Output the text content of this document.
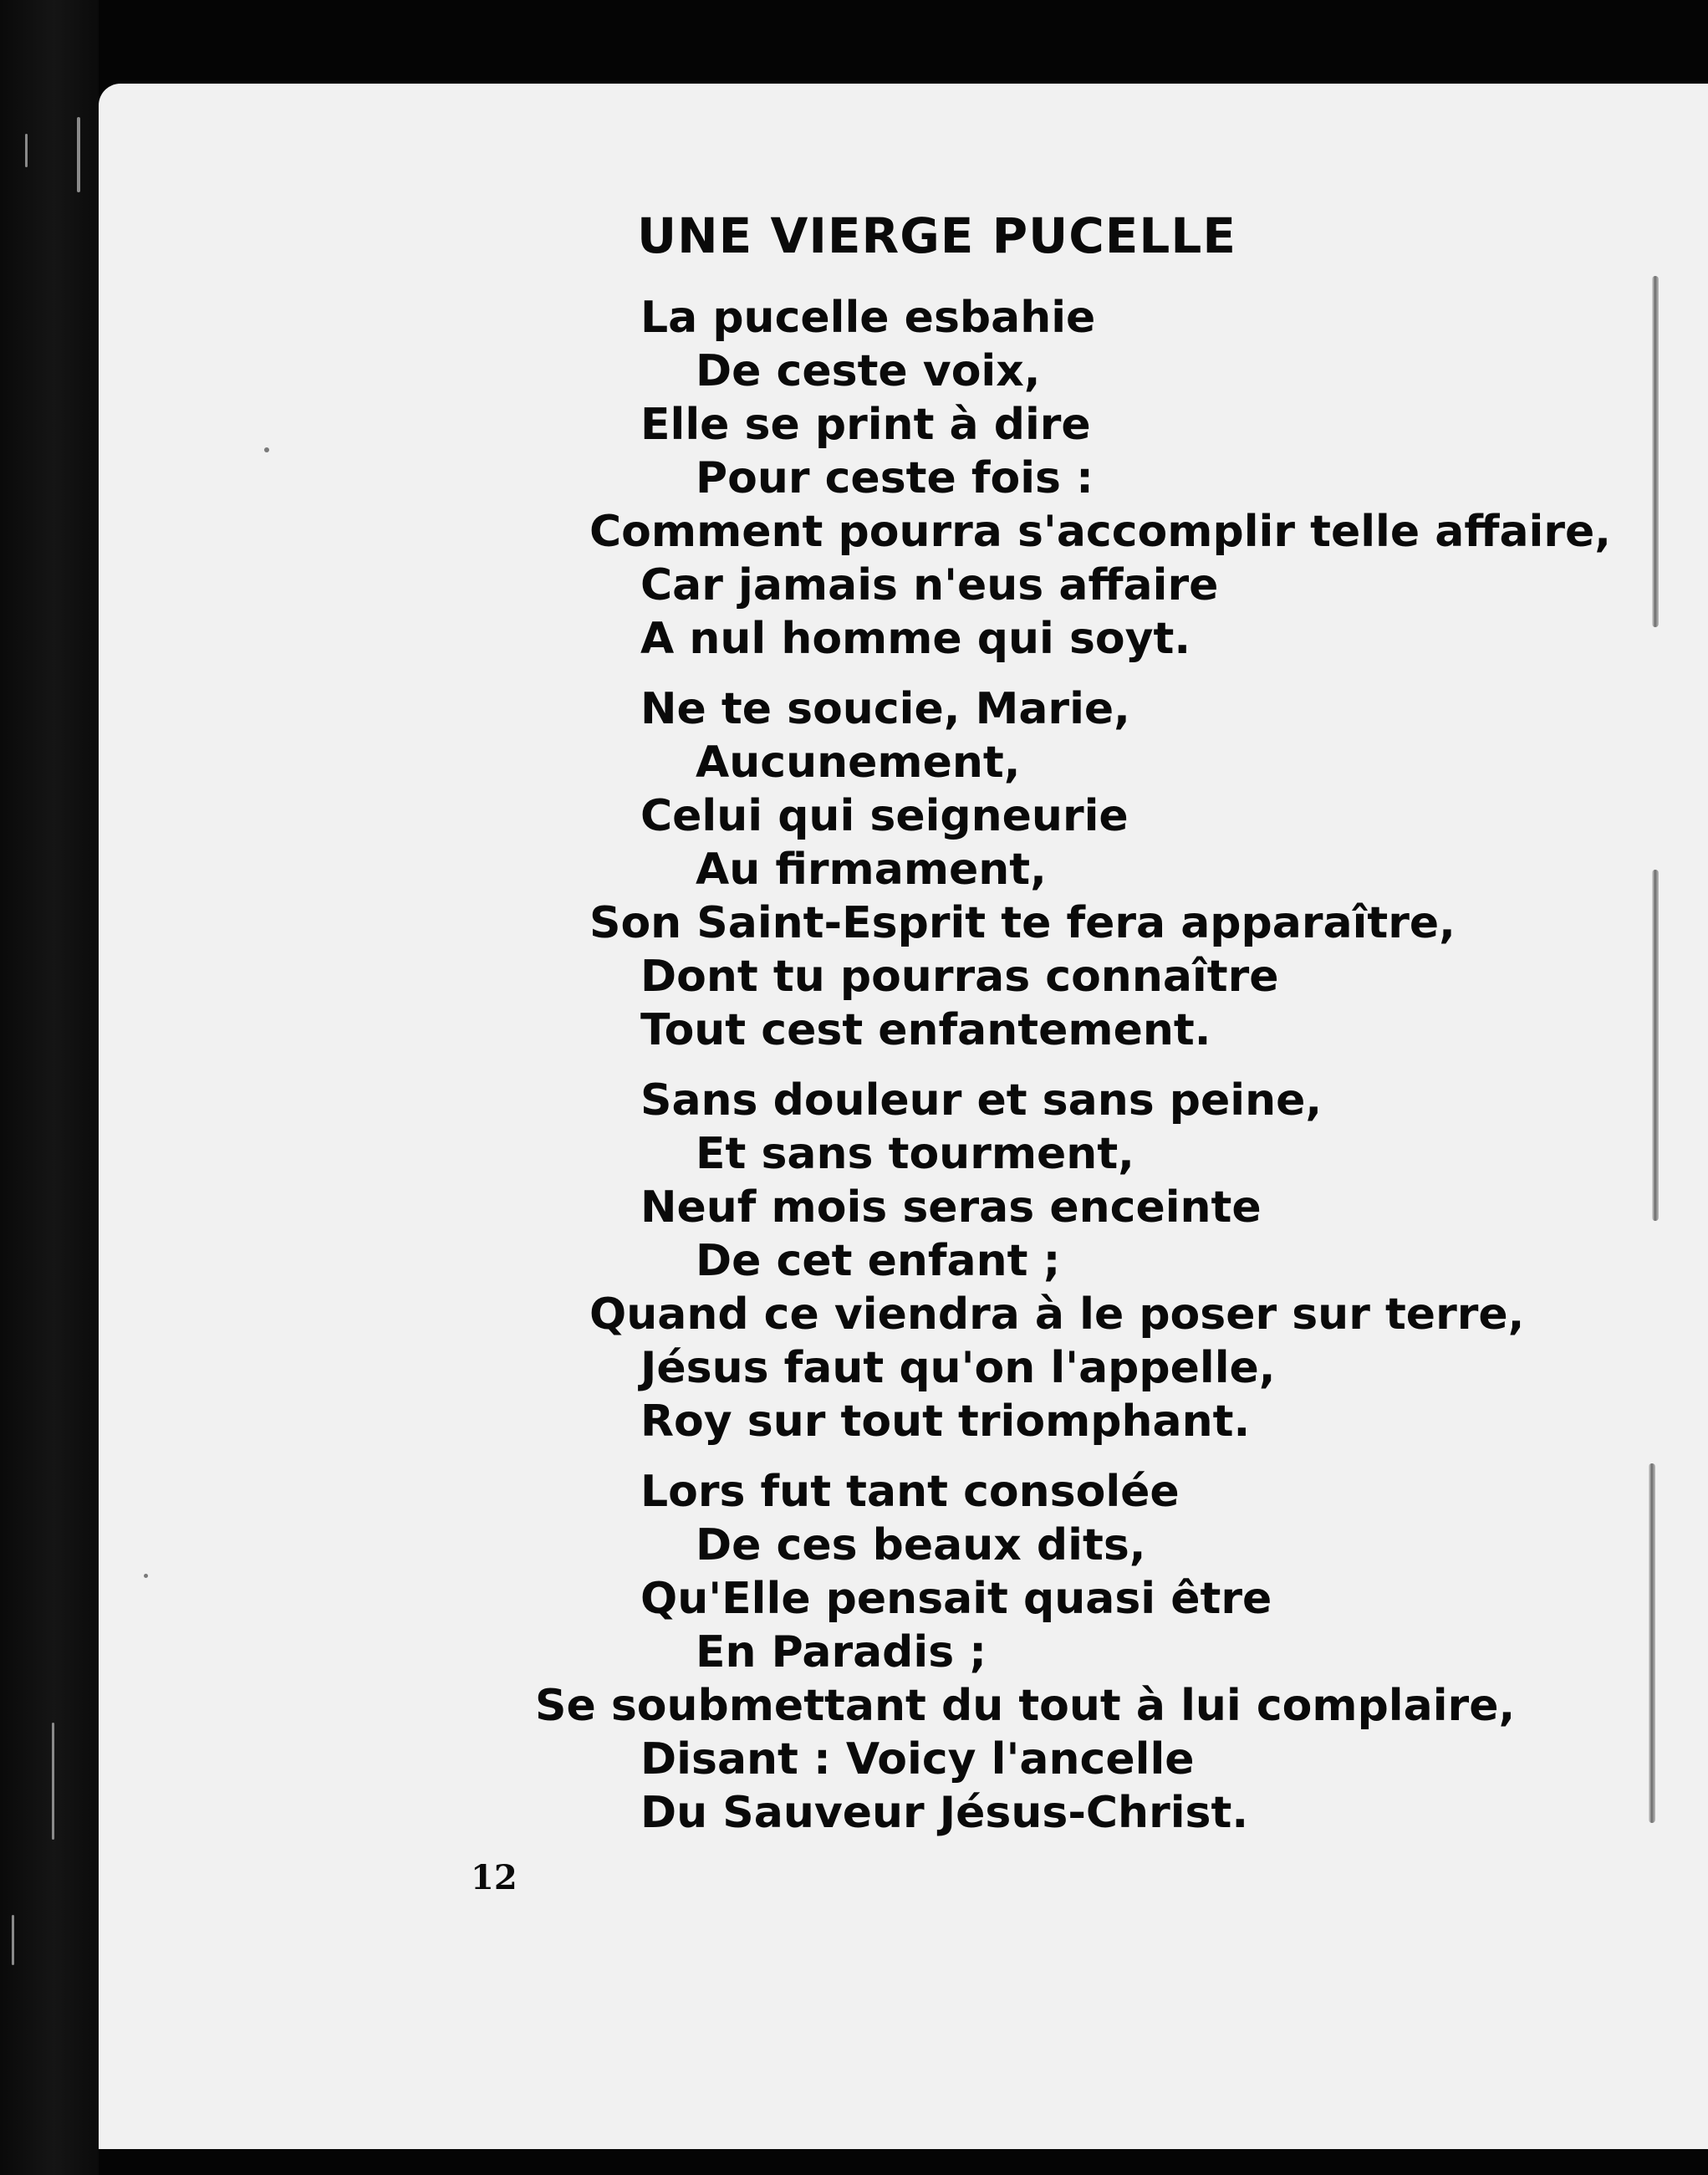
UNE VIERGE PUCELLE
La pucelle esbahie
De ceste voix,
Elle se print à dire
Pour ceste fois :
Comment pourra s'accomplir telle affaire,
Car jamais n'eus affaire
A nul homme qui soyt.
Ne te soucie, Marie,
Aucunement,
Celui qui seigneurie
Au firmament,
Son Saint-Esprit te fera apparaître,
Dont tu pourras connaître
Tout cest enfantement.
Sans douleur et sans peine,
Et sans tourment,
Neuf mois seras enceinte
De cet enfant ;
Quand ce viendra à le poser sur terre,
Jésus faut qu'on l'appelle,
Roy sur tout triomphant.
Lors fut tant consolée
De ces beaux dits,
Qu'Elle pensait quasi être
En Paradis ;
Se soubmettant du tout à lui complaire,
Disant : Voicy l'ancelle
Du Sauveur Jésus-Christ.
12
